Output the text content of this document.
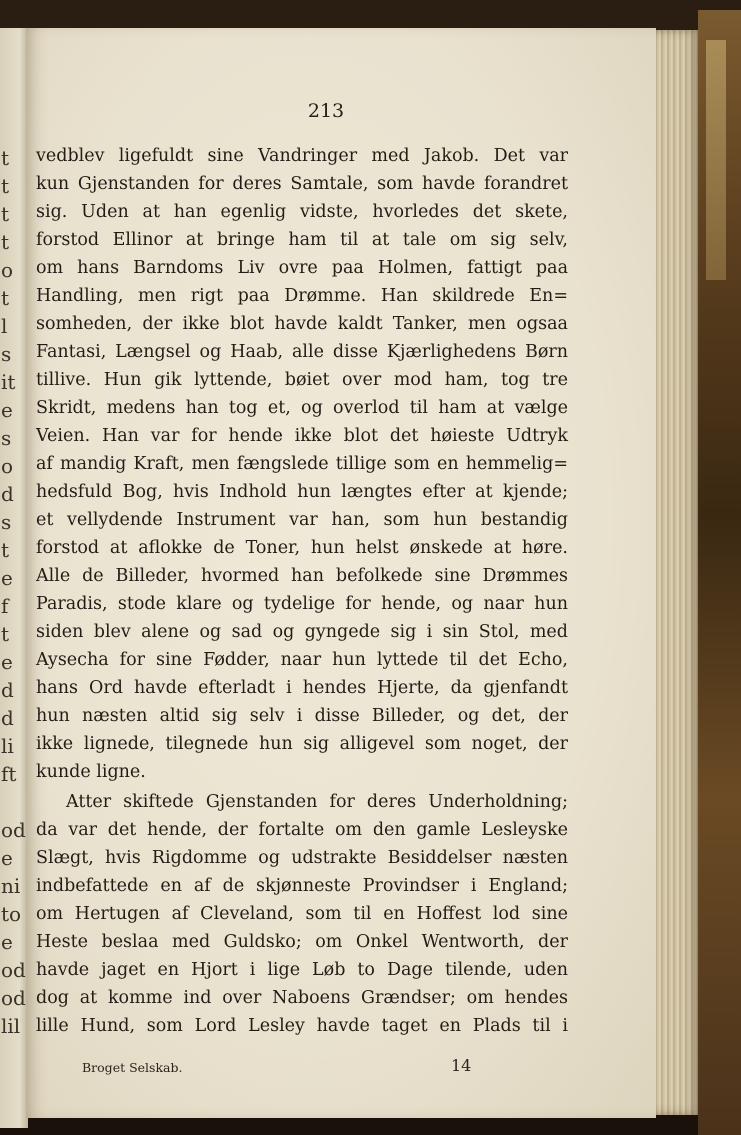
t
t
t
t
o
t
l
s
it
e
s
o
d
s
t
e
f
t
e
d
d
li
ft
od
e
ni
to
e
od
od
lil
213
vedblev ligefuldt sine Vandringer med Jakob. Det var
kun Gjenstanden for deres Samtale, som havde forandret
sig. Uden at han egenlig vidste, hvorledes det skete,
forstod Ellinor at bringe ham til at tale om sig selv,
om hans Barndoms Liv ovre paa Holmen, fattigt paa
Handling, men rigt paa Drømme. Han skildrede En=
somheden, der ikke blot havde kaldt Tanker, men ogsaa
Fantasi, Længsel og Haab, alle disse Kjærlighedens Børn
tillive. Hun gik lyttende, bøiet over mod ham, tog tre
Skridt, medens han tog et, og overlod til ham at vælge
Veien. Han var for hende ikke blot det høieste Udtryk
af mandig Kraft, men fængslede tillige som en hemmelig=
hedsfuld Bog, hvis Indhold hun længtes efter at kjende;
et vellydende Instrument var han, som hun bestandig
forstod at aflokke de Toner, hun helst ønskede at høre.
Alle de Billeder, hvormed han befolkede sine Drømmes
Paradis, stode klare og tydelige for hende, og naar hun
siden blev alene og sad og gyngede sig i sin Stol, med
Aysecha for sine Fødder, naar hun lyttede til det Echo,
hans Ord havde efterladt i hendes Hjerte, da gjenfandt
hun næsten altid sig selv i disse Billeder, og det, der
ikke lignede, tilegnede hun sig alligevel som noget, der
kunde ligne.
Atter skiftede Gjenstanden for deres Underholdning;
da var det hende, der fortalte om den gamle Lesleyske
Slægt, hvis Rigdomme og udstrakte Besiddelser næsten
indbefattede en af de skjønneste Provindser i England;
om Hertugen af Cleveland, som til en Hoffest lod sine
Heste beslaa med Guldsko; om Onkel Wentworth, der
havde jaget en Hjort i lige Løb to Dage tilende, uden
dog at komme ind over Naboens Grændser; om hendes
lille Hund, som Lord Lesley havde taget en Plads til i
Broget Selskab.	14
